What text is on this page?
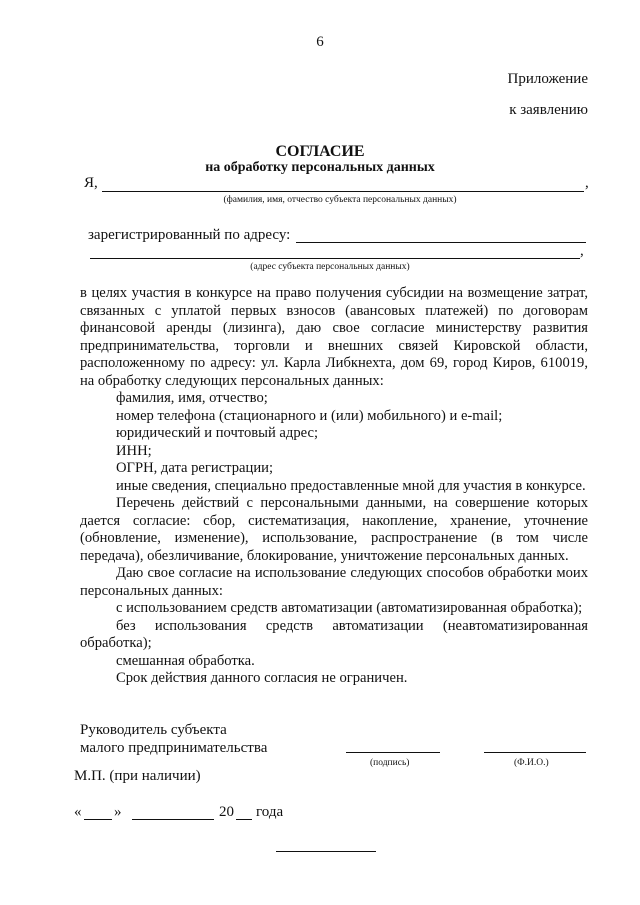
6
Приложение
к заявлению
СОГЛАСИЕ
на обработку персональных данных
Я,	,
(фамилия, имя, отчество субъекта персональных данных)
зарегистрированный по адресу:
,
(адрес субъекта персональных данных)

в целях участия в конкурсе на право получения субсидии на возмещение затрат, связанных с уплатой первых взносов (авансовых платежей) по договорам финансовой аренды (лизинга), даю свое согласие министерству развития предпринимательства, торговли и внешних связей Кировской области, расположенному по адресу: ул. Карла Либкнехта, дом 69, город Киров, 610019, на обработку следующих персональных данных:

фамилия, имя, отчество;

номер телефона (стационарного и (или) мобильного) и e-mail;

юридический и почтовый адрес;

ИНН;

ОГРН, дата регистрации;

иные сведения, специально предоставленные мной для участия в конкурсе.

Перечень действий с персональными данными, на совершение которых дается согласие: сбор, систематизация, накопление, хранение, уточнение (обновление, изменение), использование, распространение (в том числе передача), обезличивание, блокирование, уничтожение персональных данных.

Даю свое согласие на использование следующих способов обработки моих персональных данных:

с использованием средств автоматизации (автоматизированная обработка);

без использования средств автоматизации (неавтоматизированная обработка);

смешанная обработка.

Срок действия данного согласия не ограничен.

Руководитель субъекта
малого предпринимательства
(подпись)	(Ф.И.О.)
М.П. (при наличии)
« »	20 года
